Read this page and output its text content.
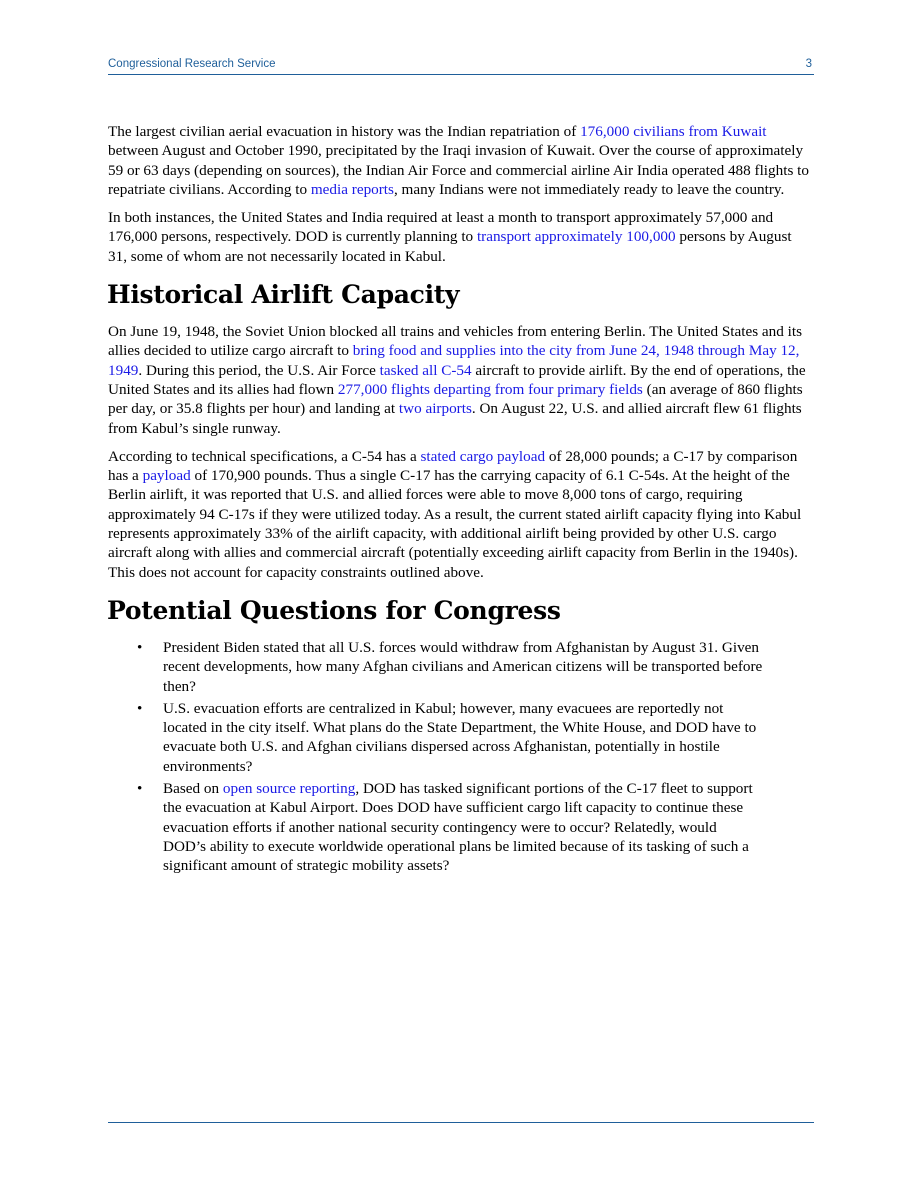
Congressional Research Service	3

The largest civilian aerial evacuation in history was the Indian repatriation of 176,000 civilians from Kuwait between August and October 1990, precipitated by the Iraqi invasion of Kuwait. Over the course of approximately 59 or 63 days (depending on sources), the Indian Air Force and commercial airline Air India operated 488 flights to repatriate civilians. According to media reports, many Indians were not immediately ready to leave the country.

In both instances, the United States and India required at least a month to transport approximately 57,000 and 176,000 persons, respectively. DOD is currently planning to transport approximately 100,000 persons by August 31, some of whom are not necessarily located in Kabul.

Historical Airlift Capacity

On June 19, 1948, the Soviet Union blocked all trains and vehicles from entering Berlin. The United States and its allies decided to utilize cargo aircraft to bring food and supplies into the city from June 24, 1948 through May 12, 1949. During this period, the U.S. Air Force tasked all C-54 aircraft to provide airlift. By the end of operations, the United States and its allies had flown 277,000 flights departing from four primary fields (an average of 860 flights per day, or 35.8 flights per hour) and landing at two airports. On August 22, U.S. and allied aircraft flew 61 flights from Kabul’s single runway.

According to technical specifications, a C-54 has a stated cargo payload of 28,000 pounds; a C-17 by comparison has a payload of 170,900 pounds. Thus a single C-17 has the carrying capacity of 6.1 C-54s. At the height of the Berlin airlift, it was reported that U.S. and allied forces were able to move 8,000 tons of cargo, requiring approximately 94 C-17s if they were utilized today. As a result, the current stated airlift capacity flying into Kabul represents approximately 33% of the airlift capacity, with additional airlift being provided by other U.S. cargo aircraft along with allies and commercial aircraft (potentially exceeding airlift capacity from Berlin in the 1940s). This does not account for capacity constraints outlined above.

Potential Questions for Congress
• President Biden stated that all U.S. forces would withdraw from Afghanistan by August 31. Given recent developments, how many Afghan civilians and American citizens will be transported before then?
• U.S. evacuation efforts are centralized in Kabul; however, many evacuees are reportedly not located in the city itself. What plans do the State Department, the White House, and DOD have to evacuate both U.S. and Afghan civilians dispersed across Afghanistan, potentially in hostile environments?
• Based on open source reporting, DOD has tasked significant portions of the C-17 fleet to support the evacuation at Kabul Airport. Does DOD have sufficient cargo lift capacity to continue these evacuation efforts if another national security contingency were to occur? Relatedly, would DOD’s ability to execute worldwide operational plans be limited because of its tasking of such a significant amount of strategic mobility assets?
